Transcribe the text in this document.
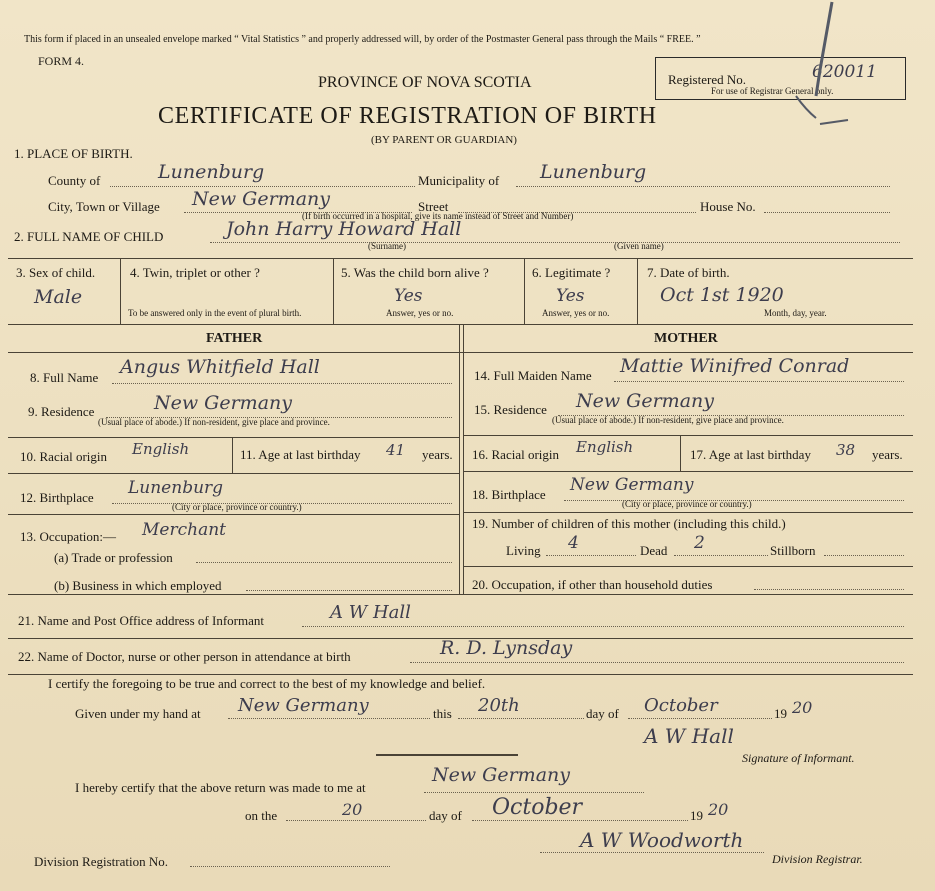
This form if placed in an unsealed envelope marked “ Vital Statistics ” and properly addressed will, by order of the Postmaster General pass through the Mails “ FREE. ”
FORM 4.
PROVINCE OF NOVA SCOTIA
CERTIFICATE OF REGISTRATION OF BIRTH
(BY PARENT OR GUARDIAN)
Registered No.	620011
For use of Registrar General only.
1. PLACE OF BIRTH.
County of	Lunenburg	Municipality of Lunenburg
City, Town or Village New Germany	Street	House No.
(If birth occurred in a hospital, give its name instead of Street and Number)
2. FULL NAME OF CHILD	John Harry Howard Hall
(Surname)	(Given name)
3. Sex of child.
Male
4. Twin, triplet or other ?
To be answered only in the event of plural birth.
5. Was the child born alive ?
Yes
Answer, yes or no.
6. Legitimate ?
Yes
Answer, yes or no.
7. Date of birth.
Oct 1st 1920
Month, day, year.
FATHER	MOTHER
8. Full Name Angus Whitfield Hall
9. Residence	New Germany
(Usual place of abode.) If non-resident, give place and province.
10. Racial origin English	11. Age at last birthday 41 years.
12. Birthplace Lunenburg
(City or place, province or country.)
13. Occupation:— Merchant
(a) Trade or profession
(b) Business in which employed
14. Full Maiden Name Mattie Winifred Conrad
15. Residence New Germany
(Usual place of abode.) If non-resident, give place and province.
16. Racial origin English	17. Age at last birthday 38 years.
18. Birthplace New Germany
(City or place, province or country.)
19. Number of children of this mother (including this child.)
Living 4	Dead 2	Stillborn
20. Occupation, if other than household duties
21. Name and Post Office address of Informant	A W Hall
22. Name of Doctor, nurse or other person in attendance at birth	R. D. Lynsday
I certify the foregoing to be true and correct to the best of my knowledge and belief.
Given under my hand at New Germany	this 20th	day of October	19 20
A W Hall
Signature of Informant.
I hereby certify that the above return was made to me at
New Germany
on the	20	day of October	19 20
Division Registration No.
A W Woodworth
Division Registrar.
